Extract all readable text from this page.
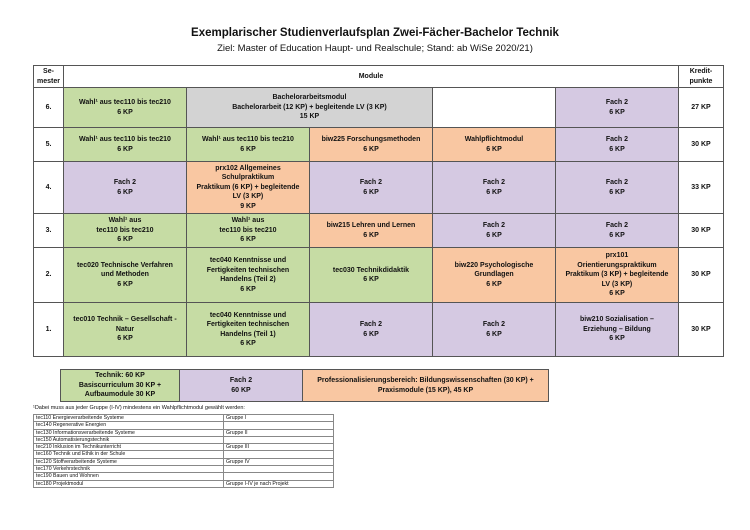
Exemplarischer Studienverlaufsplan Zwei-Fächer-Bachelor Technik
Ziel: Master of Education Haupt- und Realschule; Stand: ab WiSe 2020/21)
Se-
mester	Module					Kredit-
punkte

6.	Wahl¹ aus tec110 bis tec210
6 KP	Bachelorarbeitsmodul
Bachelorarbeit (12 KP) + begleitende LV (3 KP)
15 KP			Fach 2
6 KP	27 KP
5.	Wahl¹ aus tec110 bis tec210
6 KP	Wahl¹ aus tec110 bis tec210
6 KP	biw225 Forschungsmethoden
6 KP	Wahlpflichtmodul
6 KP	Fach 2
6 KP	30 KP
4.	Fach 2
6 KP	prx102 Allgemeines
Schulpraktikum
Praktikum (6 KP) + begleitende
LV (3 KP)
9 KP	Fach 2
6 KP	Fach 2
6 KP	Fach 2
6 KP	33 KP
3.	Wahl¹ aus
tec110 bis tec210
6 KP	Wahl¹ aus
tec110 bis tec210
6 KP	biw215 Lehren und Lernen
6 KP	Fach 2
6 KP	Fach 2
6 KP	30 KP
2.	tec020 Technische Verfahren
und Methoden
6 KP	tec040 Kenntnisse und
Fertigkeiten technischen
Handelns (Teil 2)
6 KP	tec030 Technikdidaktik
6 KP	biw220 Psychologische
Grundlagen
6 KP	prx101
Orientierungspraktikum
Praktikum (3 KP) + begleitende
LV (3 KP)
6 KP	30 KP
1.	tec010 Technik – Gesellschaft -
Natur
6 KP	tec040 Kenntnisse und
Fertigkeiten technischen
Handelns (Teil 1)
6 KP	Fach 2
6 KP	Fach 2
6 KP	biw210 Sozialisation –
Erziehung – Bildung
6 KP	30 KP
Technik: 60 KP
Basiscurriculum 30 KP +
Aufbaumodule 30 KP

Fach 2
60 KP

Professionalisierungsbereich: Bildungswissenschaften (30 KP) +
Praxismodule (15 KP), 45 KP
¹Dabei muss aus jeder Gruppe (I-IV) mindestens ein Wahlpflichtmodul gewählt werden:
tec110 Energieverarbeitende Systeme	Gruppe I
tec140 Regenerative Energien	
tec130 Informationsverarbeitende Systeme	Gruppe II
tec150 Automatisierungstechnik	
tec210 Inklusion im Technikunterricht	Gruppe III
tec160 Technik und Ethik in der Schule	
tec120 Stoffverarbeitende Systeme	Gruppe IV
tec170 Verkehrstechnik	
tec190 Bauen und Wohnen	
tec180 Projektmodul	Gruppe I-IV je nach Projekt
